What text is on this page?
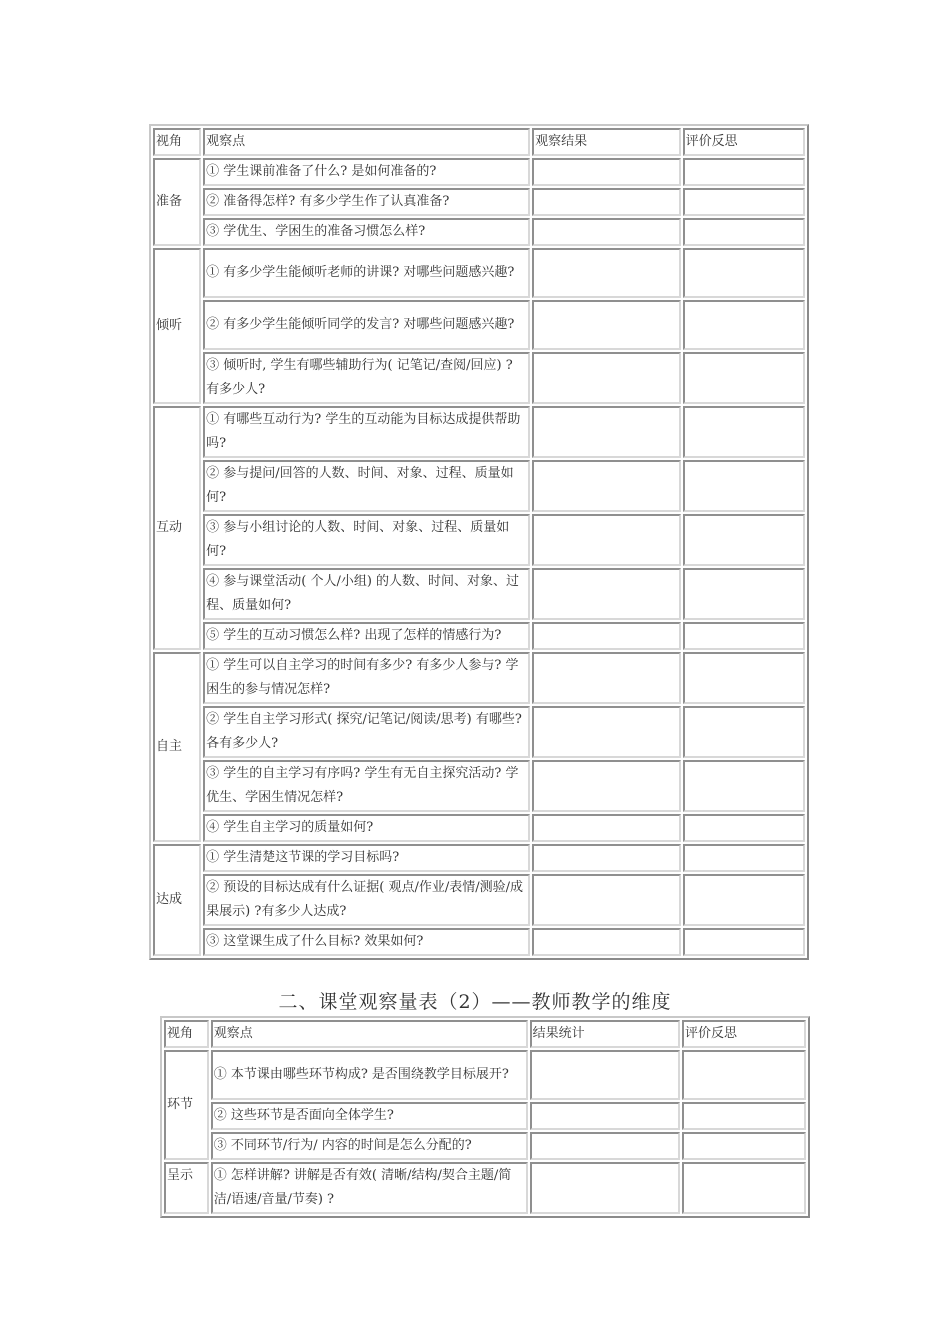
视角	观察点	观察结果	评价反思
准备	① 学生课前准备了什么? 是如何准备的?		
	② 准备得怎样? 有多少学生作了认真准备?		
	③ 学优生、学困生的准备习惯怎么样?		
倾听	① 有多少学生能倾听老师的讲课? 对哪些问题感兴趣?		
	② 有多少学生能倾听同学的发言? 对哪些问题感兴趣?		
	③ 倾听时, 学生有哪些辅助行为( 记笔记/查阅/回应) ? 有多少人?		
互动	① 有哪些互动行为? 学生的互动能为目标达成提供帮助吗?		
	② 参与提问/回答的人数、时间、对象、过程、质量如何?		
	③ 参与小组讨论的人数、时间、对象、过程、质量如何?		
	④ 参与课堂活动( 个人/小组) 的人数、时间、对象、过程、质量如何?		
	⑤ 学生的互动习惯怎么样? 出现了怎样的情感行为?		
自主	① 学生可以自主学习的时间有多少? 有多少人参与? 学困生的参与情况怎样?		
	② 学生自主学习形式( 探究/记笔记/阅读/思考) 有哪些?各有多少人?		
	③ 学生的自主学习有序吗? 学生有无自主探究活动? 学优生、学困生情况怎样?		
	④ 学生自主学习的质量如何?		
达成	① 学生清楚这节课的学习目标吗?		
	② 预设的目标达成有什么证据( 观点/作业/表情/测验/成果展示) ?有多少人达成?		
	③ 这堂课生成了什么目标? 效果如何?		
二、课堂观察量表（2）——教师教学的维度
视角	观察点	结果统计	评价反思
环节	① 本节课由哪些环节构成? 是否围绕教学目标展开?		
	② 这些环节是否面向全体学生?		
	③ 不同环节/行为/ 内容的时间是怎么分配的?		
呈示	① 怎样讲解? 讲解是否有效( 清晰/结构/契合主题/简洁/语速/音量/节奏) ?		
